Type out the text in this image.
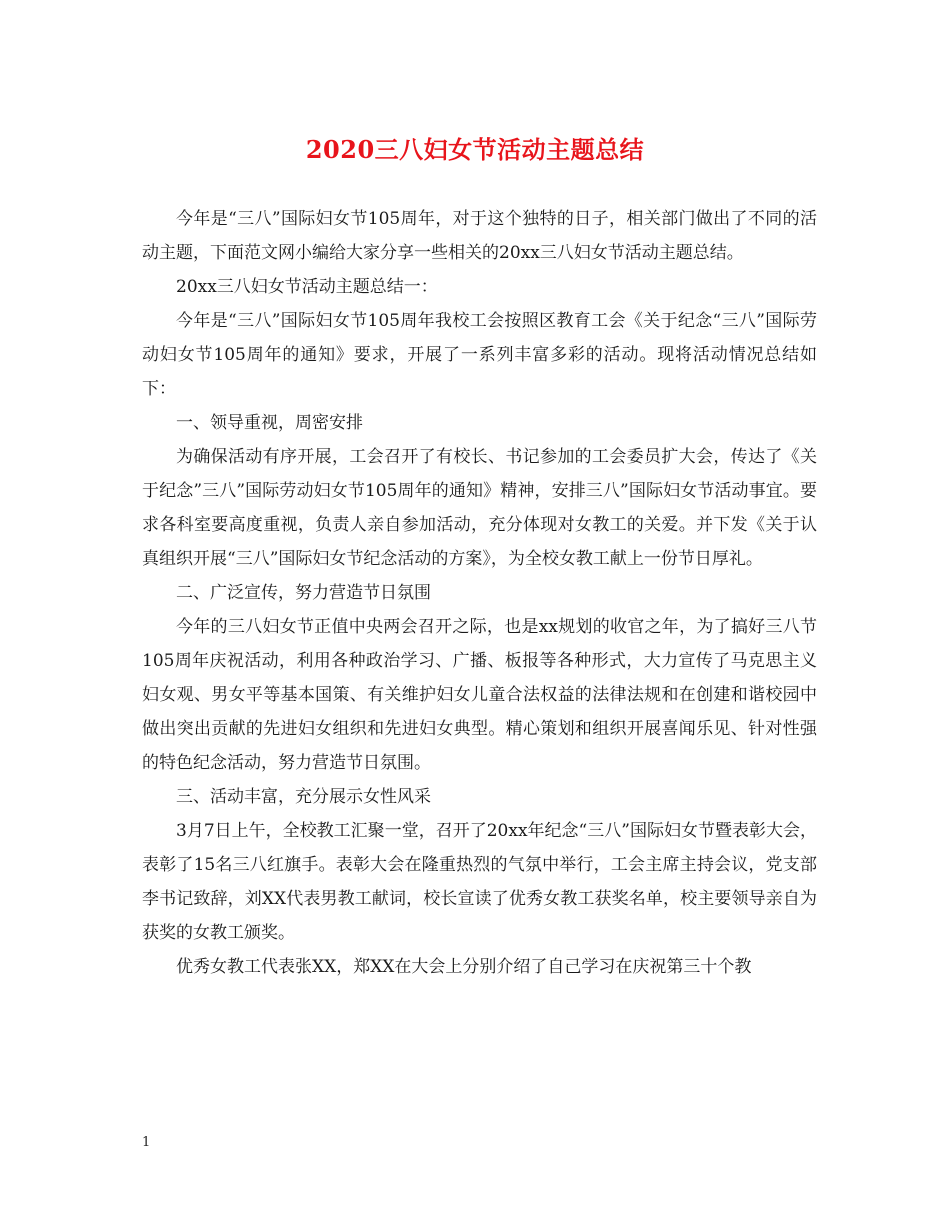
2020三八妇女节活动主题总结

今年是“三八”国际妇女节105周年，对于这个独特的日子，相关部门做出了不同的活动主题，下面范文网小编给大家分享一些相关的20xx三八妇女节活动主题总结。

20xx三八妇女节活动主题总结一：

今年是“三八”国际妇女节105周年我校工会按照区教育工会《关于纪念“三八”国际劳动妇女节105周年的通知》要求，开展了一系列丰富多彩的活动。现将活动情况总结如下：

一、领导重视，周密安排

为确保活动有序开展，工会召开了有校长、书记参加的工会委员扩大会，传达了《关于纪念”三八”国际劳动妇女节105周年的通知》精神，安排三八”国际妇女节活动事宜。要求各科室要高度重视，负责人亲自参加活动，充分体现对女教工的关爱。并下发《关于认真组织开展“三八”国际妇女节纪念活动的方案》，为全校女教工献上一份节日厚礼。

二、广泛宣传，努力营造节日氛围

今年的三八妇女节正值中央两会召开之际，也是xx规划的收官之年，为了搞好三八节105周年庆祝活动，利用各种政治学习、广播、板报等各种形式，大力宣传了马克思主义妇女观、男女平等基本国策、有关维护妇女儿童合法权益的法律法规和在创建和谐校园中做出突出贡献的先进妇女组织和先进妇女典型。精心策划和组织开展喜闻乐见、针对性强的特色纪念活动，努力营造节日氛围。

三、活动丰富，充分展示女性风采

3月7日上午，全校教工汇聚一堂，召开了20xx年纪念“三八”国际妇女节暨表彰大会，表彰了15名三八红旗手。表彰大会在隆重热烈的气氛中举行，工会主席主持会议，党支部李书记致辞，刘XX代表男教工献词，校长宣读了优秀女教工获奖名单，校主要领导亲自为获奖的女教工颁奖。

优秀女教工代表张XX，郑XX在大会上分别介绍了自己学习在庆祝第三十个教

1
